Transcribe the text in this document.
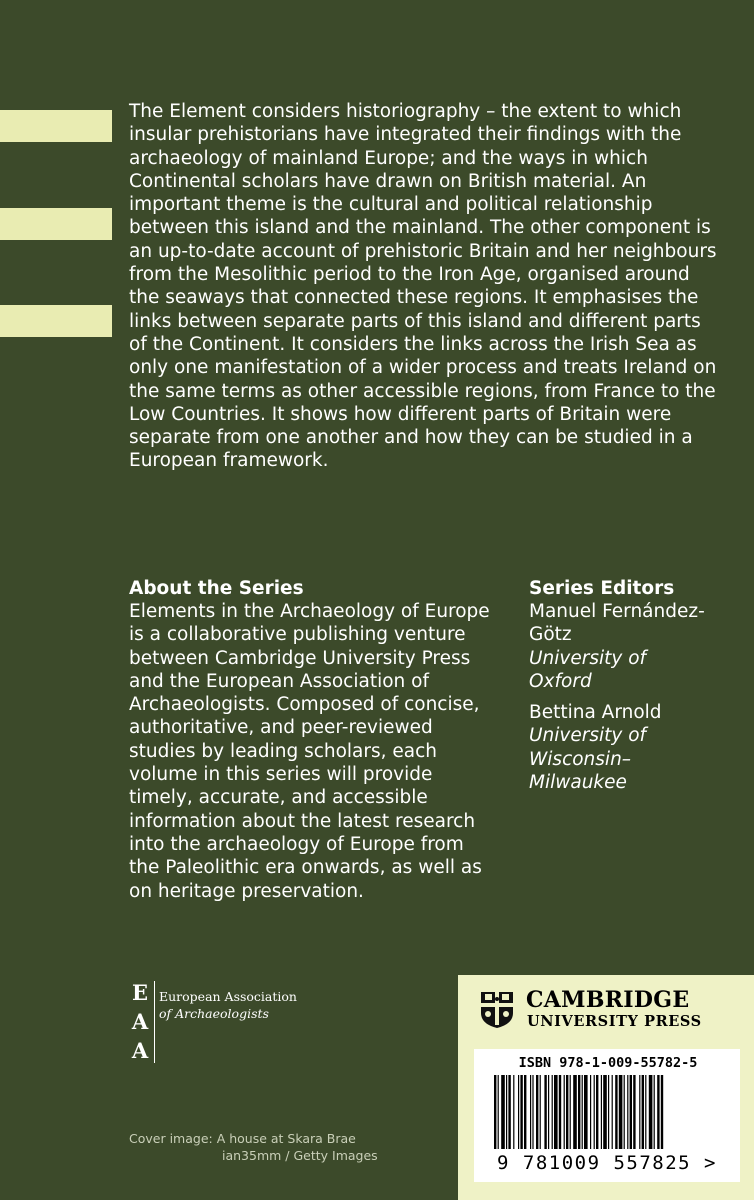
The Element considers historiography – the extent to which insular prehistorians have integrated their findings with the archaeology of mainland Europe; and the ways in which Continental scholars have drawn on British material. An important theme is the cultural and political relationship between this island and the mainland. The other component is an up-to-date account of prehistoric Britain and her neighbours from the Mesolithic period to the Iron Age, organised around the seaways that connected these regions. It emphasises the links between separate parts of this island and different parts of the Continent. It considers the links across the Irish Sea as only one manifestation of a wider process and treats Ireland on the same terms as other accessible regions, from France to the Low Countries. It shows how different parts of Britain were separate from one another and how they can be studied in a European framework.

About the Series

Elements in the Archaeology of Europe is a collaborative publishing venture between Cambridge University Press and the European Association of Archaeologists. Composed of concise, authoritative, and peer-reviewed studies by leading scholars, each volume in this series will provide timely, accurate, and accessible information about the latest research into the archaeology of Europe from the Paleolithic era onwards, as well as on heritage preservation.

Series Editors
Manuel Fernández-
Götz
University of
Oxford
Bettina Arnold
University of
Wisconsin–
Milwaukee
E
A
A
European Association
of Archaeologists
Cover image: A house at Skara Brae
ian35mm / Getty Images
CAMBRIDGE
UNIVERSITY PRESS
ISBN 978-1-009-55782-5
9 781009 557825 >
